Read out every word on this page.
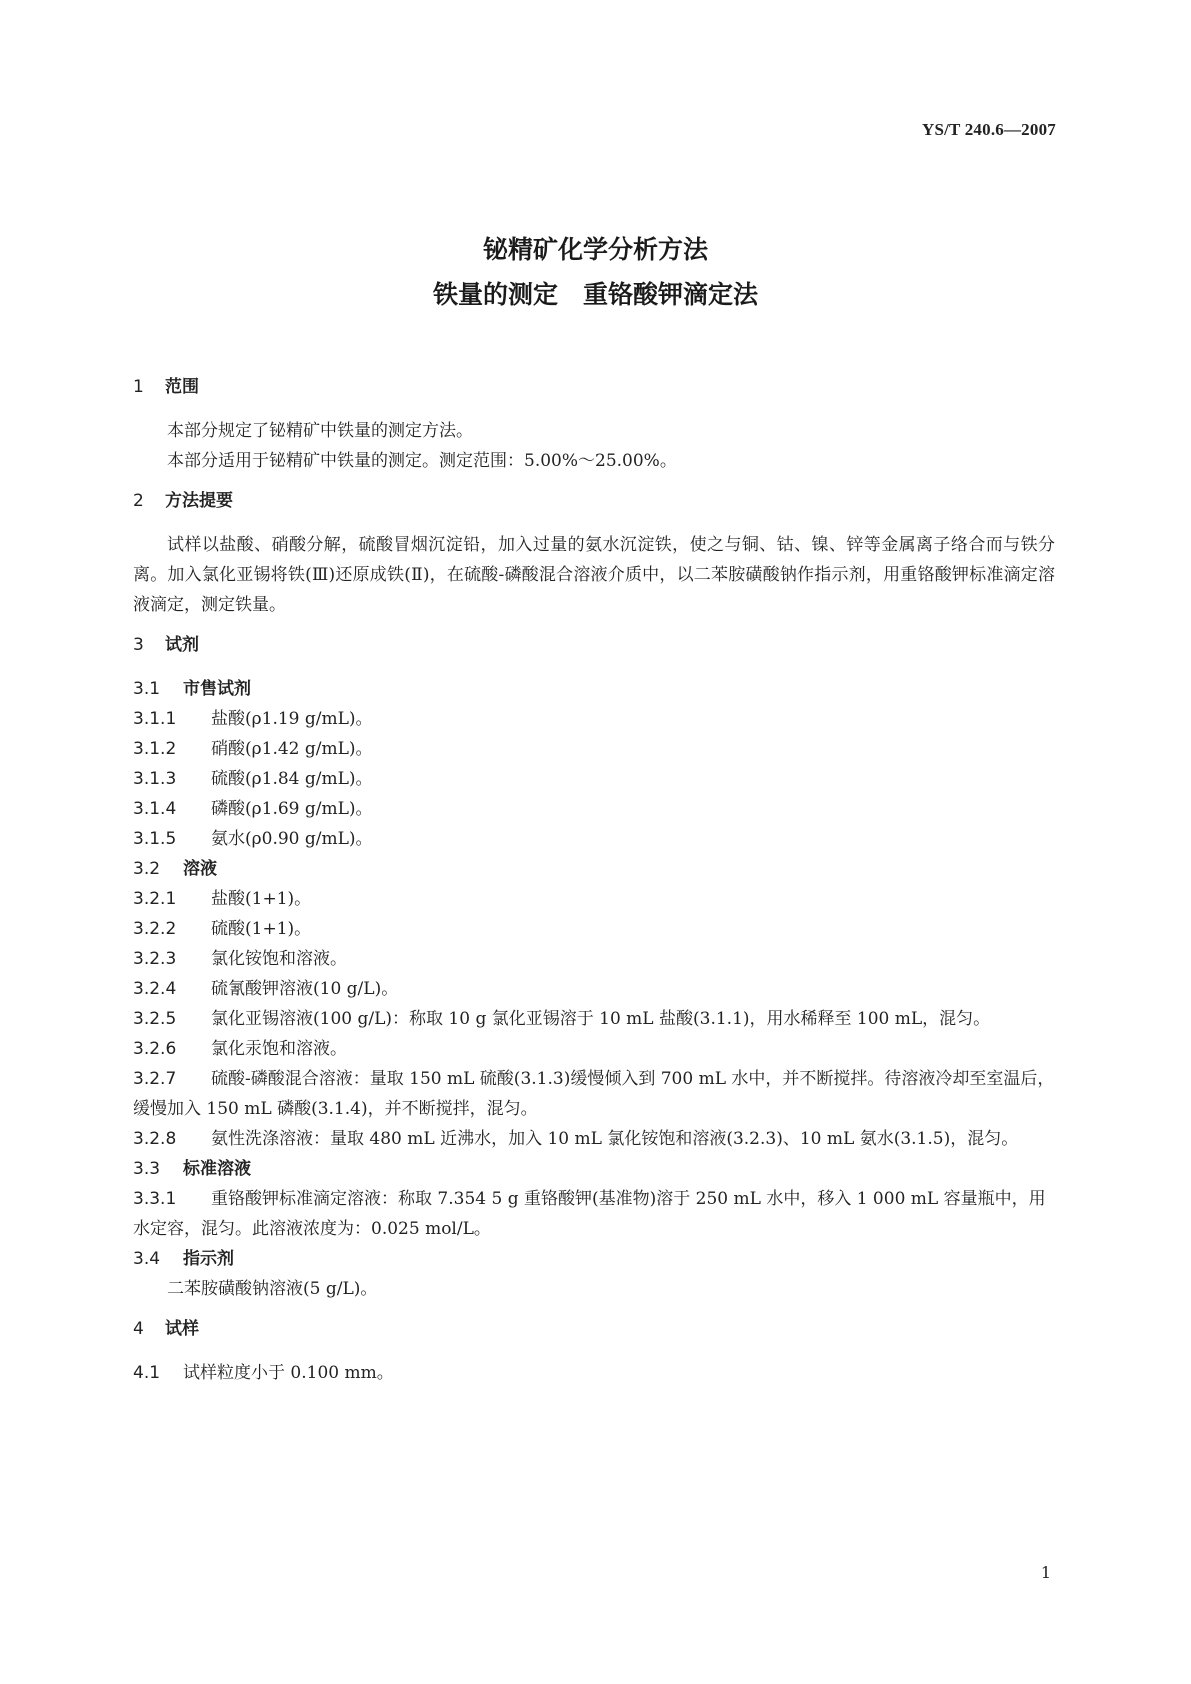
YS/T 240.6—2007
铋精矿化学分析方法
铁量的测定　重铬酸钾滴定法
1 范围
本部分规定了铋精矿中铁量的测定方法。
本部分适用于铋精矿中铁量的测定。测定范围：5.00%～25.00%。
2 方法提要
试样以盐酸、硝酸分解，硫酸冒烟沉淀铅，加入过量的氨水沉淀铁，使之与铜、钴、镍、锌等金属离子络合而与铁分离。加入氯化亚锡将铁(Ⅲ)还原成铁(Ⅱ)，在硫酸-磷酸混合溶液介质中，以二苯胺磺酸钠作指示剂，用重铬酸钾标准滴定溶液滴定，测定铁量。
3 试剂
3.1 市售试剂
3.1.1 盐酸(ρ1.19 g/mL)。
3.1.2 硝酸(ρ1.42 g/mL)。
3.1.3 硫酸(ρ1.84 g/mL)。
3.1.4 磷酸(ρ1.69 g/mL)。
3.1.5 氨水(ρ0.90 g/mL)。
3.2 溶液
3.2.1 盐酸(1+1)。
3.2.2 硫酸(1+1)。
3.2.3 氯化铵饱和溶液。
3.2.4 硫氰酸钾溶液(10 g/L)。
3.2.5 氯化亚锡溶液(100 g/L)：称取 10 g 氯化亚锡溶于 10 mL 盐酸(3.1.1)，用水稀释至 100 mL，混匀。
3.2.6 氯化汞饱和溶液。
3.2.7 硫酸-磷酸混合溶液：量取 150 mL 硫酸(3.1.3)缓慢倾入到 700 mL 水中，并不断搅拌。待溶液冷却至室温后，缓慢加入 150 mL 磷酸(3.1.4)，并不断搅拌，混匀。
3.2.8 氨性洗涤溶液：量取 480 mL 近沸水，加入 10 mL 氯化铵饱和溶液(3.2.3)、10 mL 氨水(3.1.5)，混匀。
3.3 标准溶液
3.3.1 重铬酸钾标准滴定溶液：称取 7.354 5 g 重铬酸钾(基准物)溶于 250 mL 水中，移入 1 000 mL 容量瓶中，用水定容，混匀。此溶液浓度为：0.025 mol/L。
3.4 指示剂
二苯胺磺酸钠溶液(5 g/L)。
4 试样
4.1 试样粒度小于 0.100 mm。
1
